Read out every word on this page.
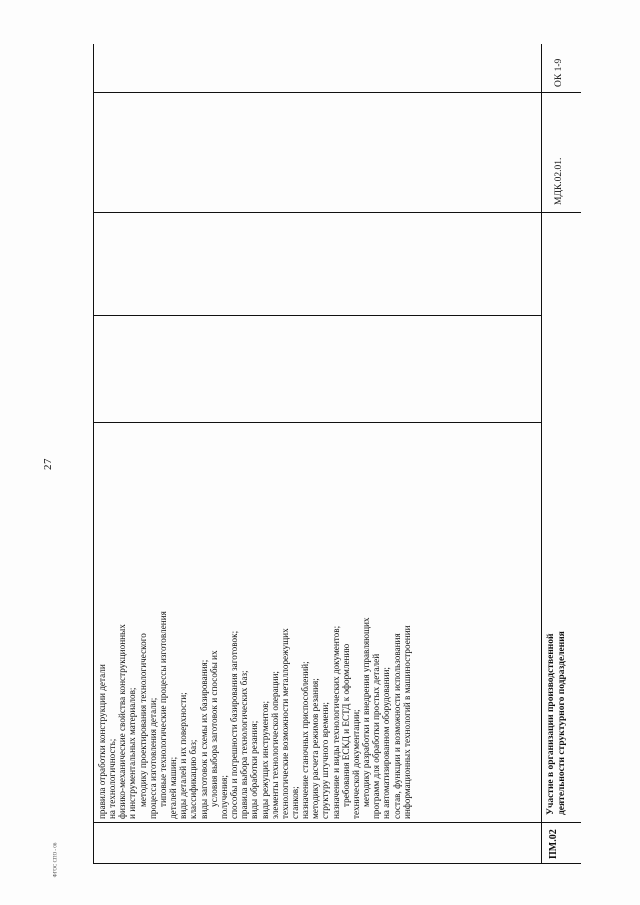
27
ФГОС СПО - 06
правила отработки конструкции детали на технологичность; физико-механические свойства конструкционных и инструментальных материалов; методику проектирования технологического процесса изготовления детали; типовые технологические процессы изготовления деталей машин; виды деталей и их поверхности; классификацию баз; виды заготовок и схемы их базирования; условия выбора заготовок и способы их получения; способы и погрешности базирования заготовок; правила выбора технологических баз; виды обработки резания; виды режущих инструментов; элементы технологической операции; технологические возможности металлорежущих станков; назначение станочных приспособлений; методику расчета режимов резания; структуру штучного времени; назначение и виды технологических документов; требования ЕСКД и ЕСТД к оформлению технической документации; методику разработки и внедрения управляющих программ для обработки простых деталей на автоматизированном оборудовании; состав, функции и возможности использования информационных технологий в машиностроении
ПМ.02
Участие в организации производственной деятельности структурного подразделения
МДК.02.01.
ОК 1-9
